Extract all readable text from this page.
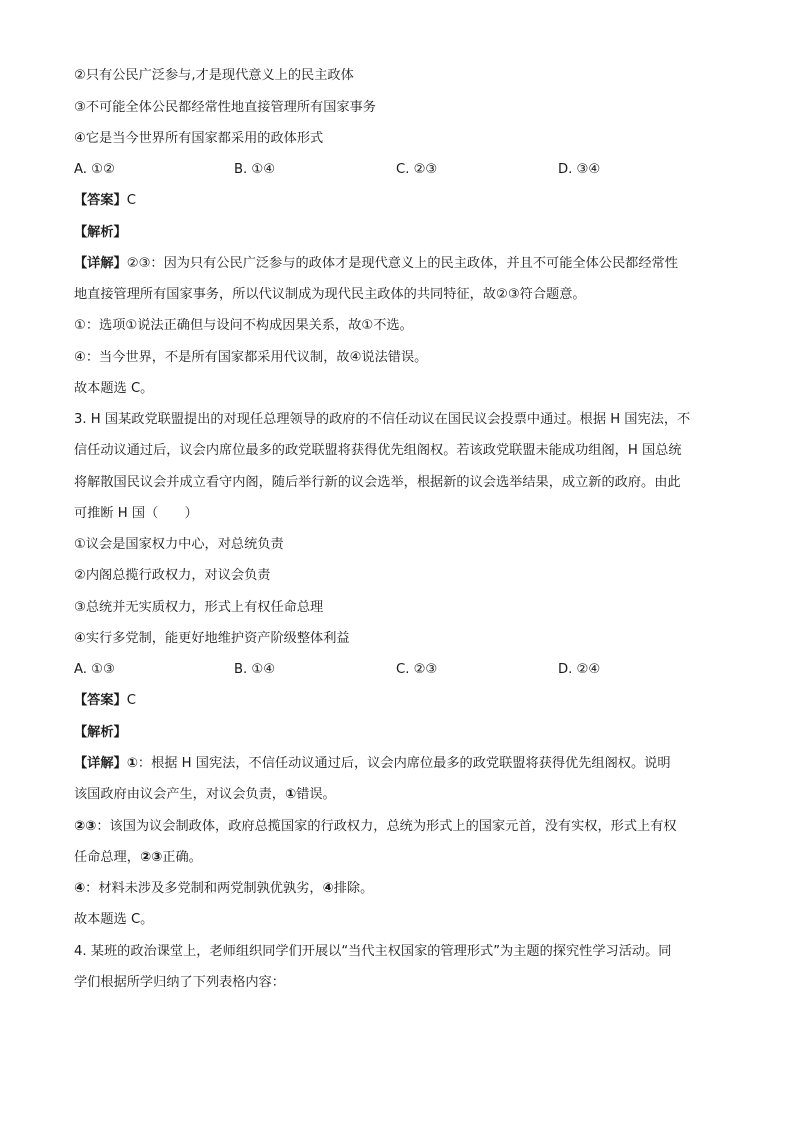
②只有公民广泛参与,才是现代意义上的民主政体
③不可能全体公民都经常性地直接管理所有国家事务
④它是当今世界所有国家都采用的政体形式
A. ①②	B. ①④	C. ②③	D. ③④
【答案】C
【解析】
【详解】②③：因为只有公民广泛参与的政体才是现代意义上的民主政体，并且不可能全体公民都经常性
地直接管理所有国家事务，所以代议制成为现代民主政体的共同特征，故②③符合题意。
①：选项①说法正确但与设问不构成因果关系，故①不选。
④：当今世界，不是所有国家都采用代议制，故④说法错误。
故本题选 C。
3. H 国某政党联盟提出的对现任总理领导的政府的不信任动议在国民议会投票中通过。根据 H 国宪法，不
信任动议通过后，议会内席位最多的政党联盟将获得优先组阁权。若该政党联盟未能成功组阁，H 国总统
将解散国民议会并成立看守内阁，随后举行新的议会选举，根据新的议会选举结果，成立新的政府。由此
可推断 H 国（　　）
①议会是国家权力中心，对总统负责
②内阁总揽行政权力，对议会负责
③总统并无实质权力，形式上有权任命总理
④实行多党制，能更好地维护资产阶级整体利益
A. ①③	B. ①④	C. ②③	D. ②④
【答案】C
【解析】
【详解】①：根据 H 国宪法，不信任动议通过后，议会内席位最多的政党联盟将获得优先组阁权。说明
该国政府由议会产生，对议会负责，①错误。
②③：该国为议会制政体，政府总揽国家的行政权力，总统为形式上的国家元首，没有实权，形式上有权
任命总理，②③正确。
④：材料未涉及多党制和两党制孰优孰劣，④排除。
故本题选 C。
4. 某班的政治课堂上，老师组织同学们开展以“当代主权国家的管理形式”为主题的探究性学习活动。同
学们根据所学归纳了下列表格内容：
